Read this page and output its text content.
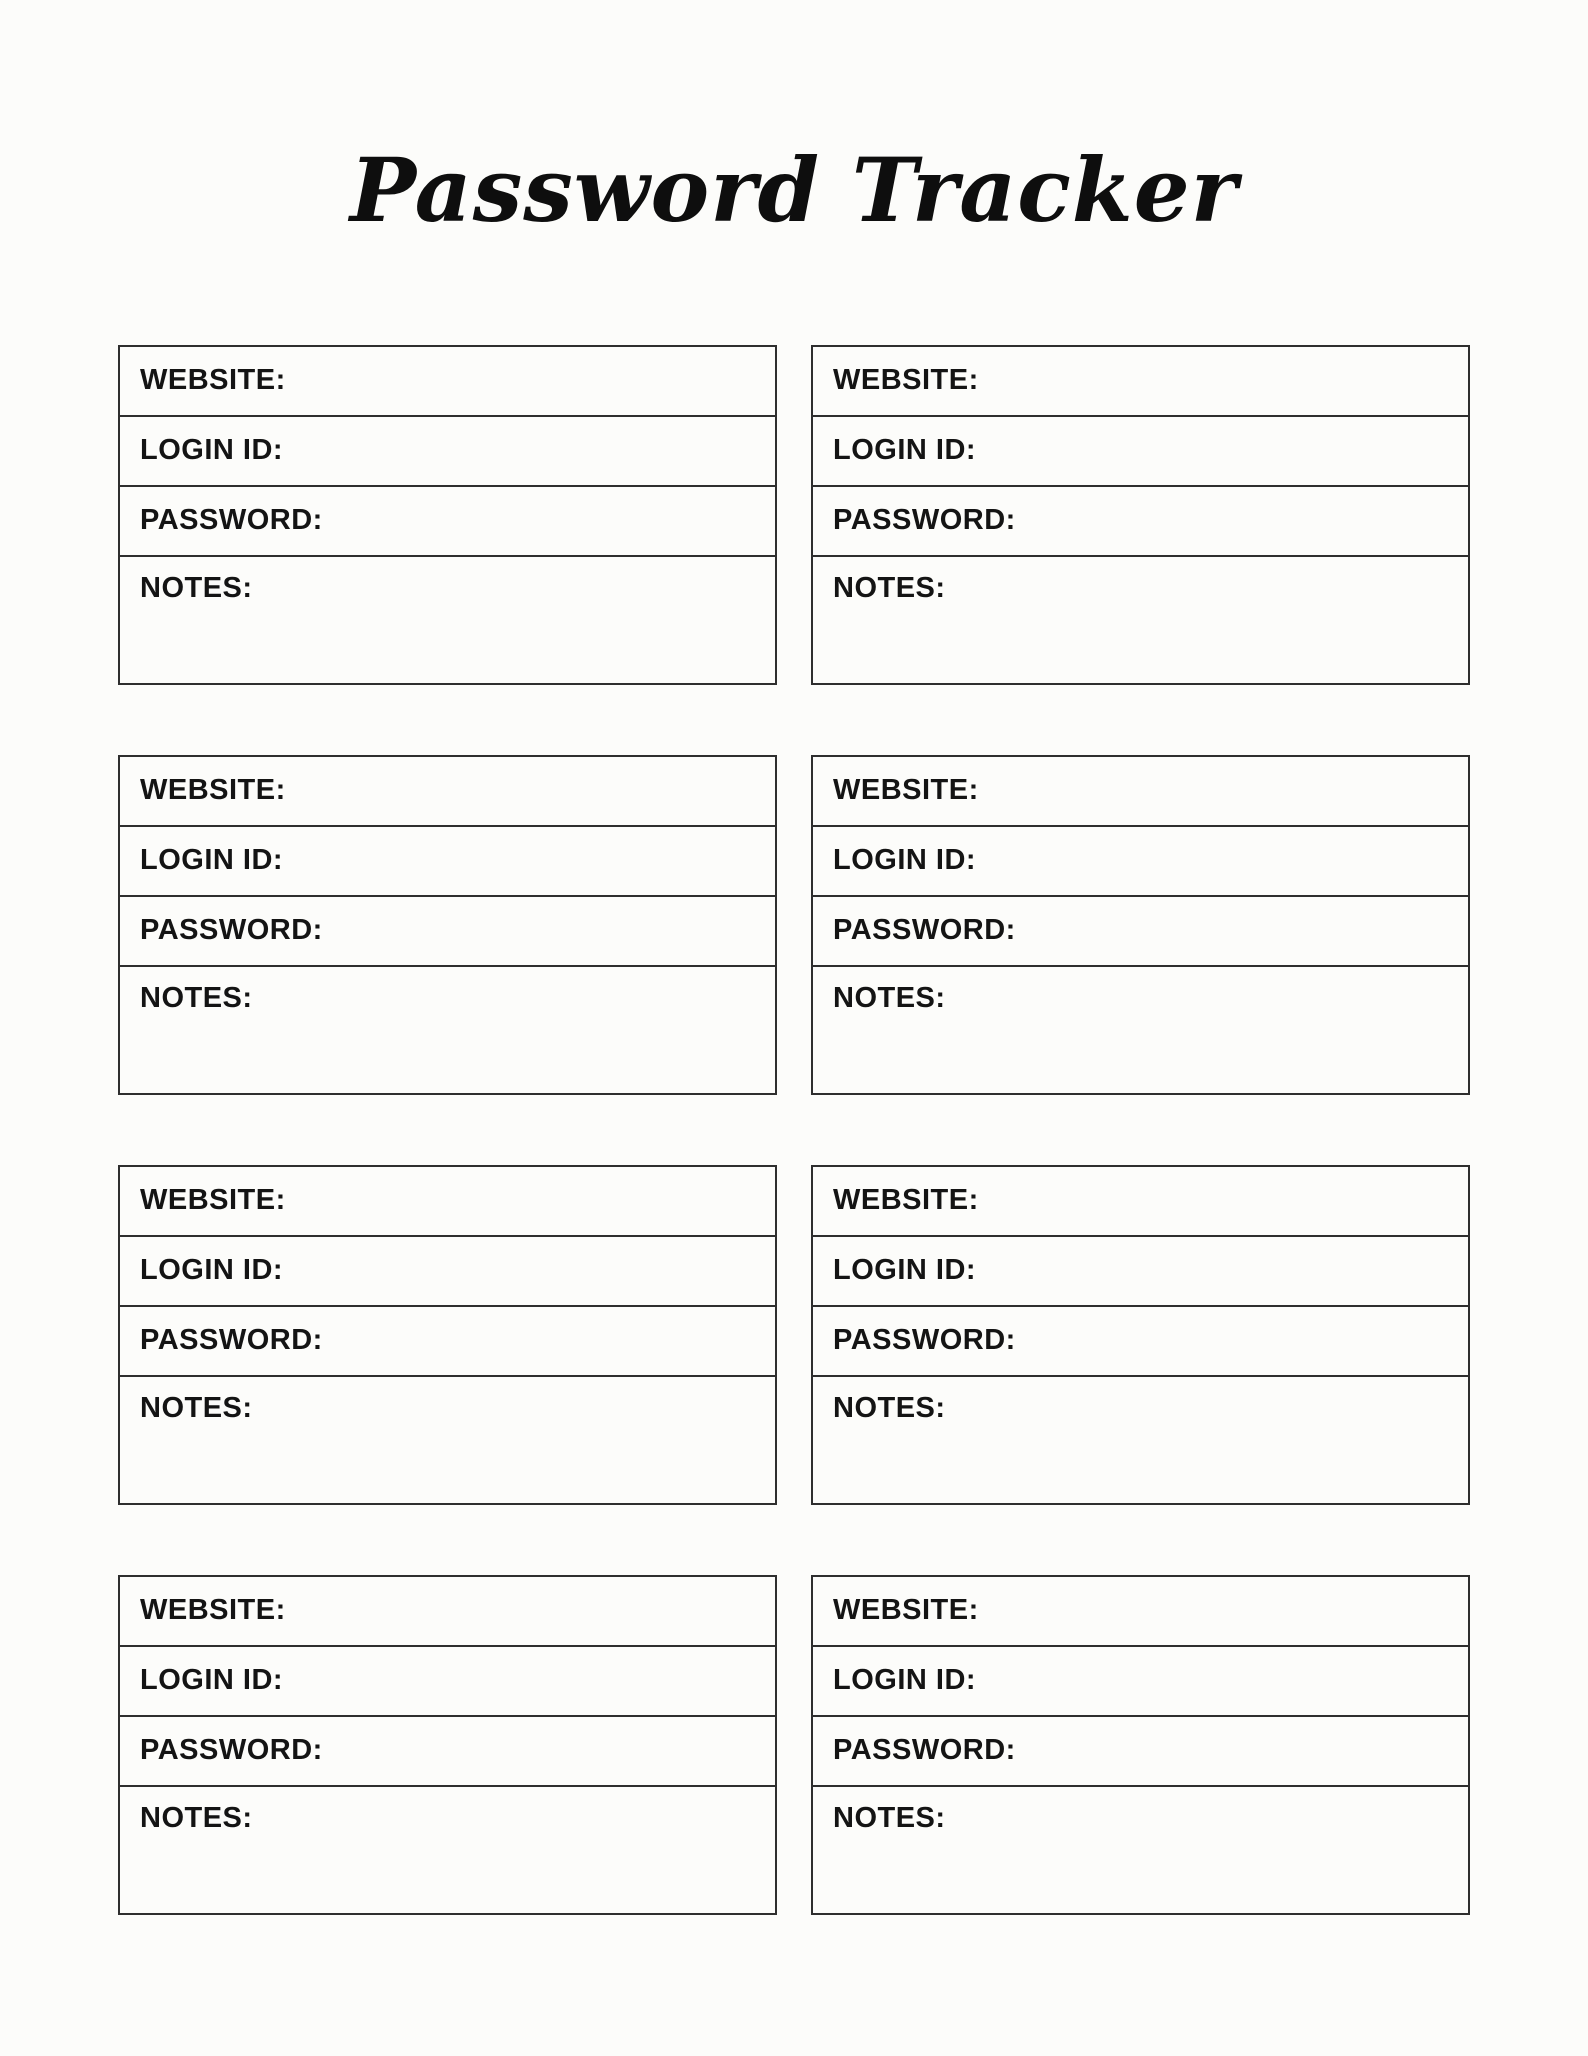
Password Tracker
WEBSITE:
LOGIN ID:
PASSWORD:
NOTES:
WEBSITE:
LOGIN ID:
PASSWORD:
NOTES:
WEBSITE:
LOGIN ID:
PASSWORD:
NOTES:
WEBSITE:
LOGIN ID:
PASSWORD:
NOTES:
WEBSITE:
LOGIN ID:
PASSWORD:
NOTES:
WEBSITE:
LOGIN ID:
PASSWORD:
NOTES:
WEBSITE:
LOGIN ID:
PASSWORD:
NOTES:
WEBSITE:
LOGIN ID:
PASSWORD:
NOTES:
